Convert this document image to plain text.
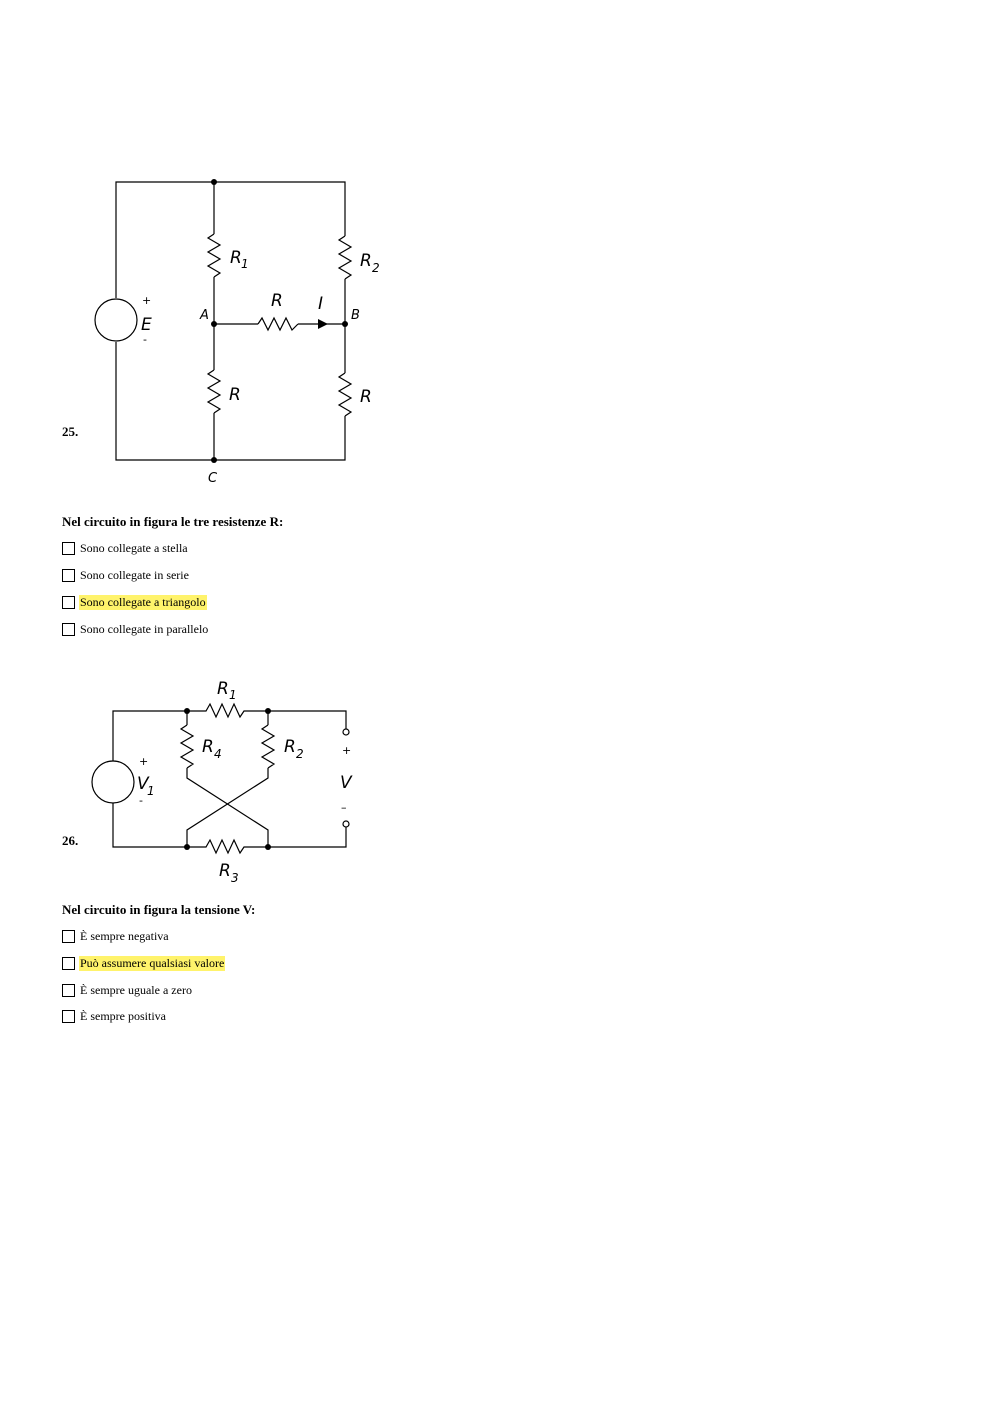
+
E
-
R 1	R 2
R I
A	B
R	R
C
25.
Nel circuito in figura le tre resistenze R:
Sono collegate a stella
Sono collegate in serie
Sono collegate a triangolo
Sono collegate in parallelo
R 1
R 4	R 2
R 3
+
V
1
-
+
V
–
26.
Nel circuito in figura la tensione V:
È sempre negativa
Può assumere qualsiasi valore
È sempre uguale a zero
È sempre positiva
